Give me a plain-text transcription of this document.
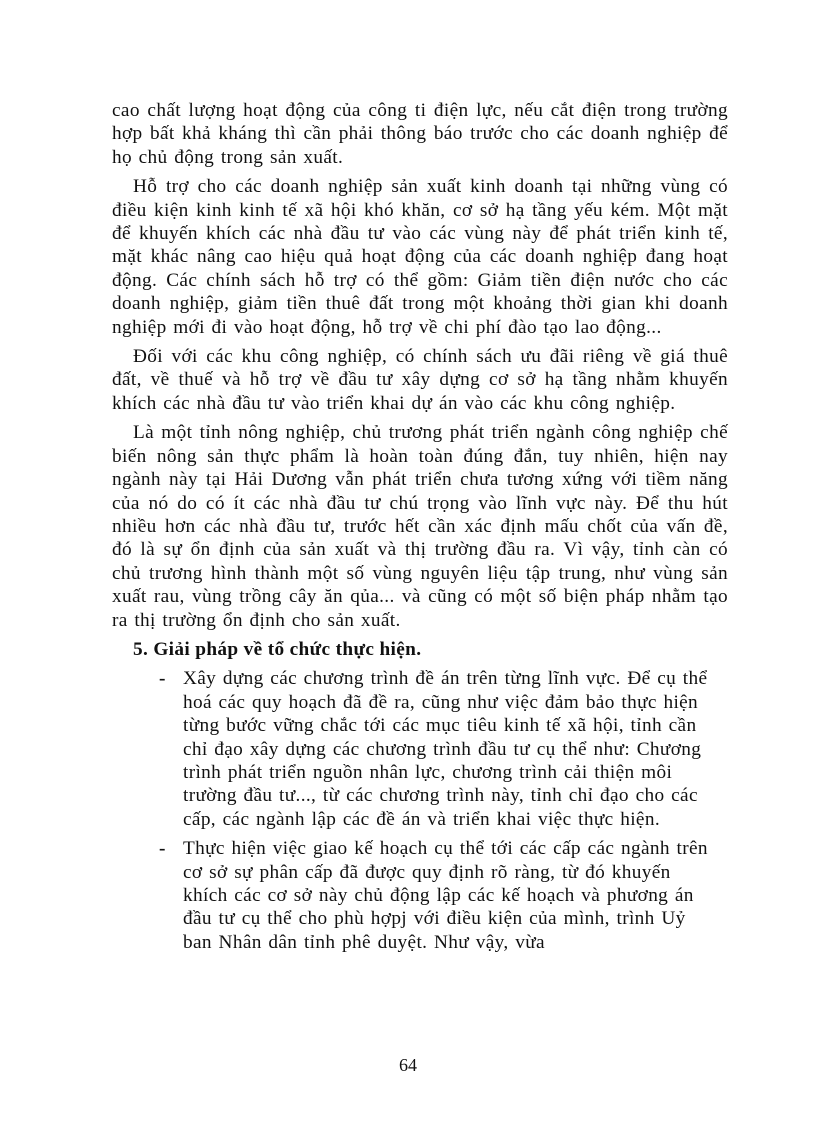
cao chất lượng hoạt động của công ti điện lực, nếu cắt điện trong trường hợp bất khả kháng thì cần phải thông báo trước cho các doanh nghiệp để họ chủ động trong sản xuất.

Hỗ trợ cho các doanh nghiệp sản xuất kinh doanh tại những vùng có điều kiện kinh kinh tế xã hội khó khăn, cơ sở hạ tầng yếu kém. Một mặt để khuyến khích các nhà đầu tư vào các vùng này để phát triển kinh tế, mặt khác nâng cao hiệu quả hoạt động của các doanh nghiệp đang hoạt động. Các chính sách hỗ trợ có thể gồm: Giảm tiền điện nước cho các doanh nghiệp, giảm tiền thuê đất trong một khoảng thời gian khi doanh nghiệp mới đi vào hoạt động, hỗ trợ về chi phí đào tạo lao động...

Đối với các khu công nghiệp, có chính sách ưu đãi riêng về giá thuê đất, về thuế và hỗ trợ về đầu tư xây dựng cơ sở hạ tầng nhằm khuyến khích các nhà đầu tư vào triển khai dự án vào các khu công nghiệp.

Là một tỉnh nông nghiệp, chủ trương phát triển ngành công nghiệp chế biến nông sản thực phẩm là hoàn toàn đúng đắn, tuy nhiên, hiện nay ngành này tại Hải Dương vẫn phát triển chưa tương xứng với tiềm năng của nó do có ít các nhà đầu tư chú trọng vào lĩnh vực này. Để thu hút nhiều hơn các nhà đầu tư, trước hết cần xác định mấu chốt của vấn đề, đó là sự ổn định của sản xuất và thị trường đầu ra. Vì vậy, tỉnh càn có chủ trương hình thành một số vùng nguyên liệu tập trung, như vùng sản xuất rau, vùng trồng cây ăn qủa... và cũng có một số biện pháp nhằm tạo ra thị trường ổn định cho sản xuất.

5. Giải pháp về tổ chức thực hiện.
- Xây dựng các chương trình đề án trên từng lĩnh vực. Để cụ thể hoá các quy hoạch đã đề ra, cũng như việc đảm bảo thực hiện từng bước vững chắc tới các mục tiêu kinh tế xã hội, tỉnh cần chỉ đạo xây dựng các chương trình đầu tư cụ thể như: Chương trình phát triển nguồn nhân lực, chương trình cải thiện môi trường đầu tư..., từ các chương trình này, tỉnh chỉ đạo cho các cấp, các ngành lập các đề án và triển khai việc thực hiện.
- Thực hiện việc giao kế hoạch cụ thể tới các cấp các ngành trên cơ sở sự phân cấp đã được quy định rõ ràng, từ đó khuyến khích các cơ sở này chủ động lập các kế hoạch và phương án đầu tư cụ thể cho phù hợpj với điều kiện của mình, trình Uỷ ban Nhân dân tỉnh phê duyệt. Như vậy, vừa
64
